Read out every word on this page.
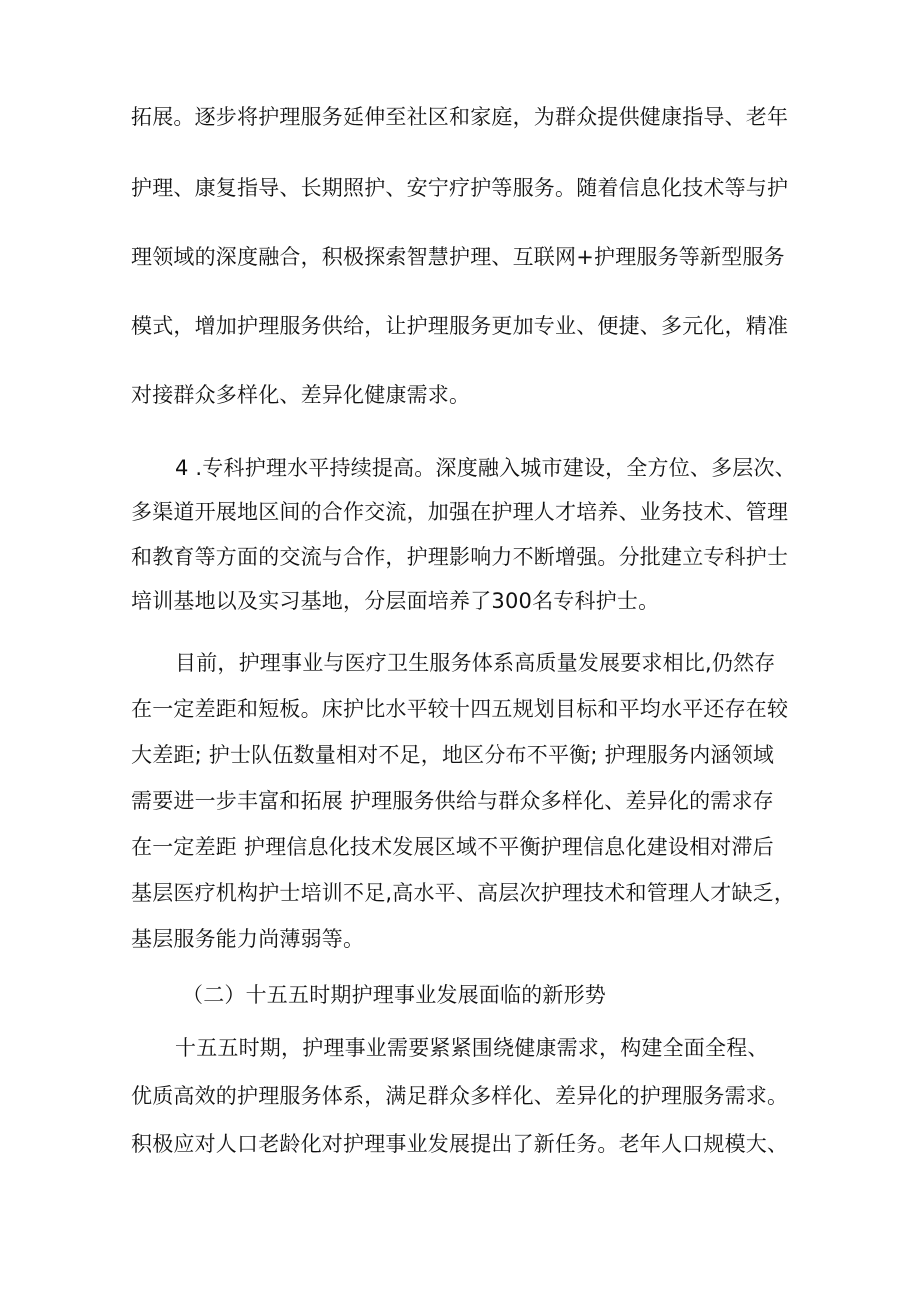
拓展。逐步将护理服务延伸至社区和家庭，为群众提供健康指导、老年
护理、康复指导、长期照护、安宁疗护等服务。随着信息化技术等与护
理领域的深度融合，积极探索智慧护理、互联网+护理服务等新型服务
模式，增加护理服务供给，让护理服务更加专业、便捷、多元化，精准
对接群众多样化、差异化健康需求。
4 .专科护理水平持续提高。深度融入城市建设，全方位、多层次、
多渠道开展地区间的合作交流，加强在护理人才培养、业务技术、管理
和教育等方面的交流与合作，护理影响力不断增强。分批建立专科护士
培训基地以及实习基地，分层面培养了300名专科护士。
目前，护理事业与医疗卫生服务体系高质量发展要求相比,仍然存
在一定差距和短板。床护比水平较十四五规划目标和平均水平还存在较
大差距; 护士队伍数量相对不足，地区分布不平衡; 护理服务内涵领域
需要进一步丰富和拓展 护理服务供给与群众多样化、差异化的需求存
在一定差距 护理信息化技术发展区域不平衡护理信息化建设相对滞后
基层医疗机构护士培训不足,高水平、高层次护理技术和管理人才缺乏，
基层服务能力尚薄弱等。
（二）十五五时期护理事业发展面临的新形势
十五五时期，护理事业需要紧紧围绕健康需求，构建全面全程、
优质高效的护理服务体系，满足群众多样化、差异化的护理服务需求。
积极应对人口老龄化对护理事业发展提出了新任务。老年人口规模大、
